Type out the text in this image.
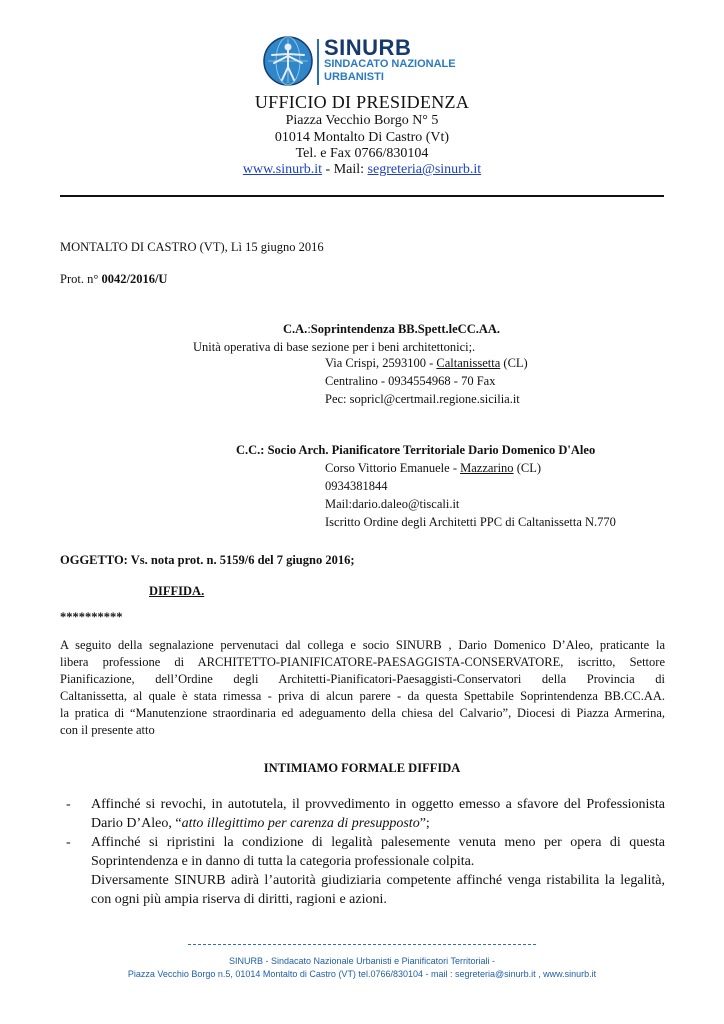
SINURB
SINDACATO NAZIONALE
URBANISTI
UFFICIO DI PRESIDENZA
Piazza Vecchio Borgo N° 5
01014 Montalto Di Castro (Vt)
Tel. e Fax 0766/830104
www.sinurb.it - Mail: segreteria@sinurb.it
MONTALTO DI CASTRO (VT), Lì 15 giugno 2016
Prot. n° 0042/2016/U
C.A.:Soprintendenza BB.Spett.leCC.AA.
Unità operativa di base sezione per i beni architettonici;.
Via Crispi, 2593100 - Caltanissetta (CL)
Centralino - 0934554968 - 70 Fax
Pec: sopricl@certmail.regione.sicilia.it
C.C.: Socio Arch. Pianificatore Territoriale Dario Domenico D'Aleo
Corso Vittorio Emanuele - Mazzarino (CL)
0934381844
Mail:dario.daleo@tiscali.it
Iscritto Ordine degli Architetti PPC di Caltanissetta N.770
OGGETTO: Vs. nota prot. n. 5159/6 del 7 giugno 2016;
DIFFIDA.
**********

A seguito della segnalazione pervenutaci dal collega e socio SINURB , Dario Domenico D’Aleo, praticante la

libera professione di ARCHITETTO-PIANIFICATORE-PAESAGGISTA-CONSERVATORE, iscritto, Settore

Pianificazione, dell’Ordine degli Architetti-Pianificatori-Paesaggisti-Conservatori della Provincia di

Caltanissetta, al quale è stata rimessa - priva di alcun parere - da questa Spettabile Soprintendenza BB.CC.AA.

la pratica di “Manutenzione straordinaria ed adeguamento della chiesa del Calvario”, Diocesi di Piazza Armerina,

con il presente atto

INTIMIAMO FORMALE DIFFIDA
- Affinché si revochi, in autotutela, il provvedimento in oggetto emesso a sfavore del Professionista
Dario D’Aleo, “atto illegittimo per carenza di presupposto”;
- Affinché si ripristini la condizione di legalità palesemente venuta meno per opera di questa
Soprintendenza e in danno di tutta la categoria professionale colpita.
Diversamente SINURB adirà l’autorità giudiziaria competente affinché venga ristabilita la legalità,
con ogni più ampia riserva di diritti, ragioni e azioni.
SINURB - Sindacato Nazionale Urbanisti e Pianificatori Territoriali -
Piazza Vecchio Borgo n.5, 01014 Montalto di Castro (VT) tel.0766/830104 - mail : segreteria@sinurb.it , www.sinurb.it
